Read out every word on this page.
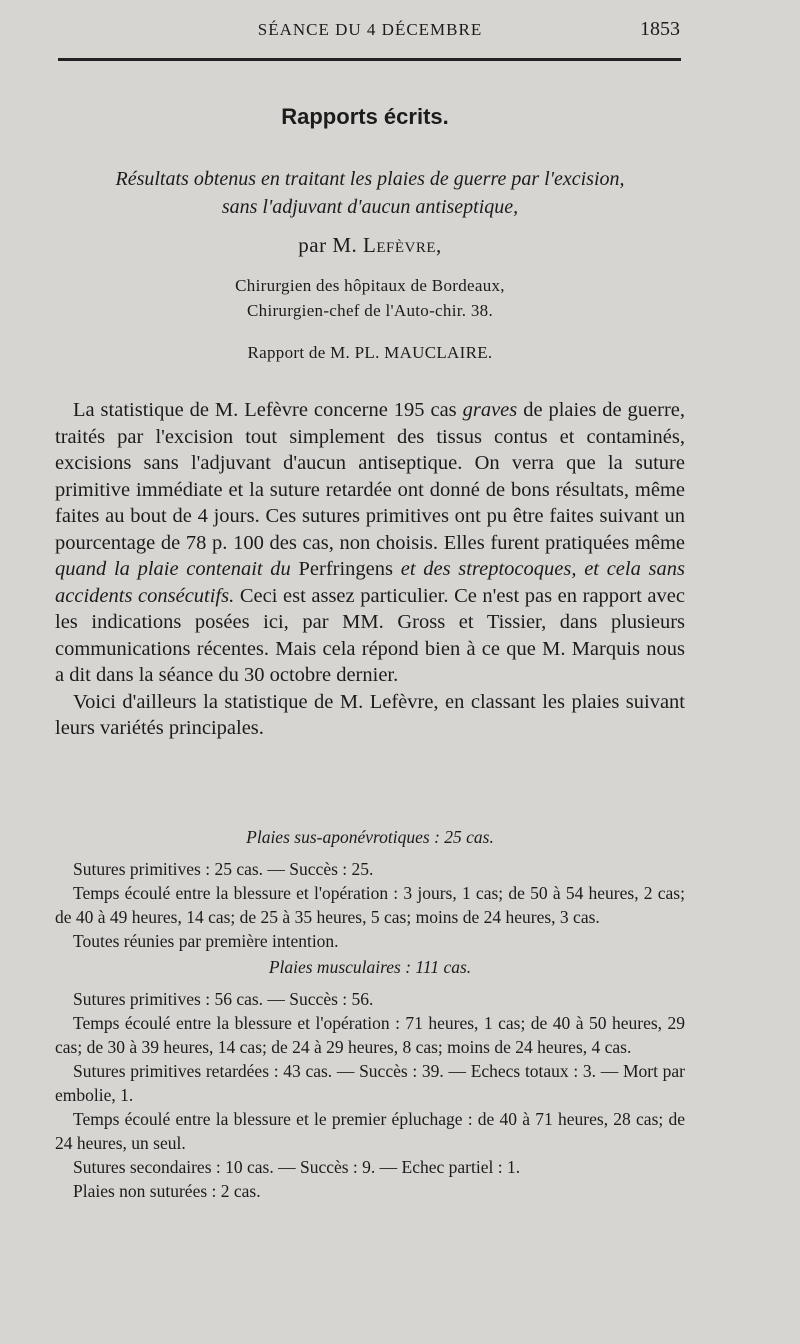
SÉANCE DU 4 DÉCEMBRE	1853
Rapports écrits.
Résultats obtenus en traitant les plaies de guerre par l'excision,
sans l'adjuvant d'aucun antiseptique,
par M. Lefèvre,
Chirurgien des hôpitaux de Bordeaux,
Chirurgien-chef de l'Auto-chir. 38.
Rapport de M. PL. MAUCLAIRE.

La statistique de M. Lefèvre concerne 195 cas graves de plaies de guerre, traités par l'excision tout simplement des tissus contus et contaminés, excisions sans l'adjuvant d'aucun antiseptique. On verra que la suture primitive immédiate et la suture retardée ont donné de bons résultats, même faites au bout de 4 jours. Ces sutures primitives ont pu être faites suivant un pourcentage de 78 p. 100 des cas, non choisis. Elles furent pratiquées même quand la plaie contenait du Perfringens et des streptocoques, et cela sans accidents consécutifs. Ceci est assez particulier. Ce n'est pas en rapport avec les indications posées ici, par MM. Gross et Tissier, dans plusieurs communications récentes. Mais cela répond bien à ce que M. Marquis nous a dit dans la séance du 30 octobre dernier.

Voici d'ailleurs la statistique de M. Lefèvre, en classant les plaies suivant leurs variétés principales.

Plaies sus-aponévrotiques : 25 cas.

Sutures primitives : 25 cas. — Succès : 25.

Temps écoulé entre la blessure et l'opération : 3 jours, 1 cas; de 50 à 54 heures, 2 cas; de 40 à 49 heures, 14 cas; de 25 à 35 heures, 5 cas; moins de 24 heures, 3 cas.

Toutes réunies par première intention.

Plaies musculaires : 111 cas.

Sutures primitives : 56 cas. — Succès : 56.

Temps écoulé entre la blessure et l'opération : 71 heures, 1 cas; de 40 à 50 heures, 29 cas; de 30 à 39 heures, 14 cas; de 24 à 29 heures, 8 cas; moins de 24 heures, 4 cas.

Sutures primitives retardées : 43 cas. — Succès : 39. — Echecs totaux : 3. — Mort par embolie, 1.

Temps écoulé entre la blessure et le premier épluchage : de 40 à 71 heures, 28 cas; de 24 heures, un seul.

Sutures secondaires : 10 cas. — Succès : 9. — Echec partiel : 1.

Plaies non suturées : 2 cas.
